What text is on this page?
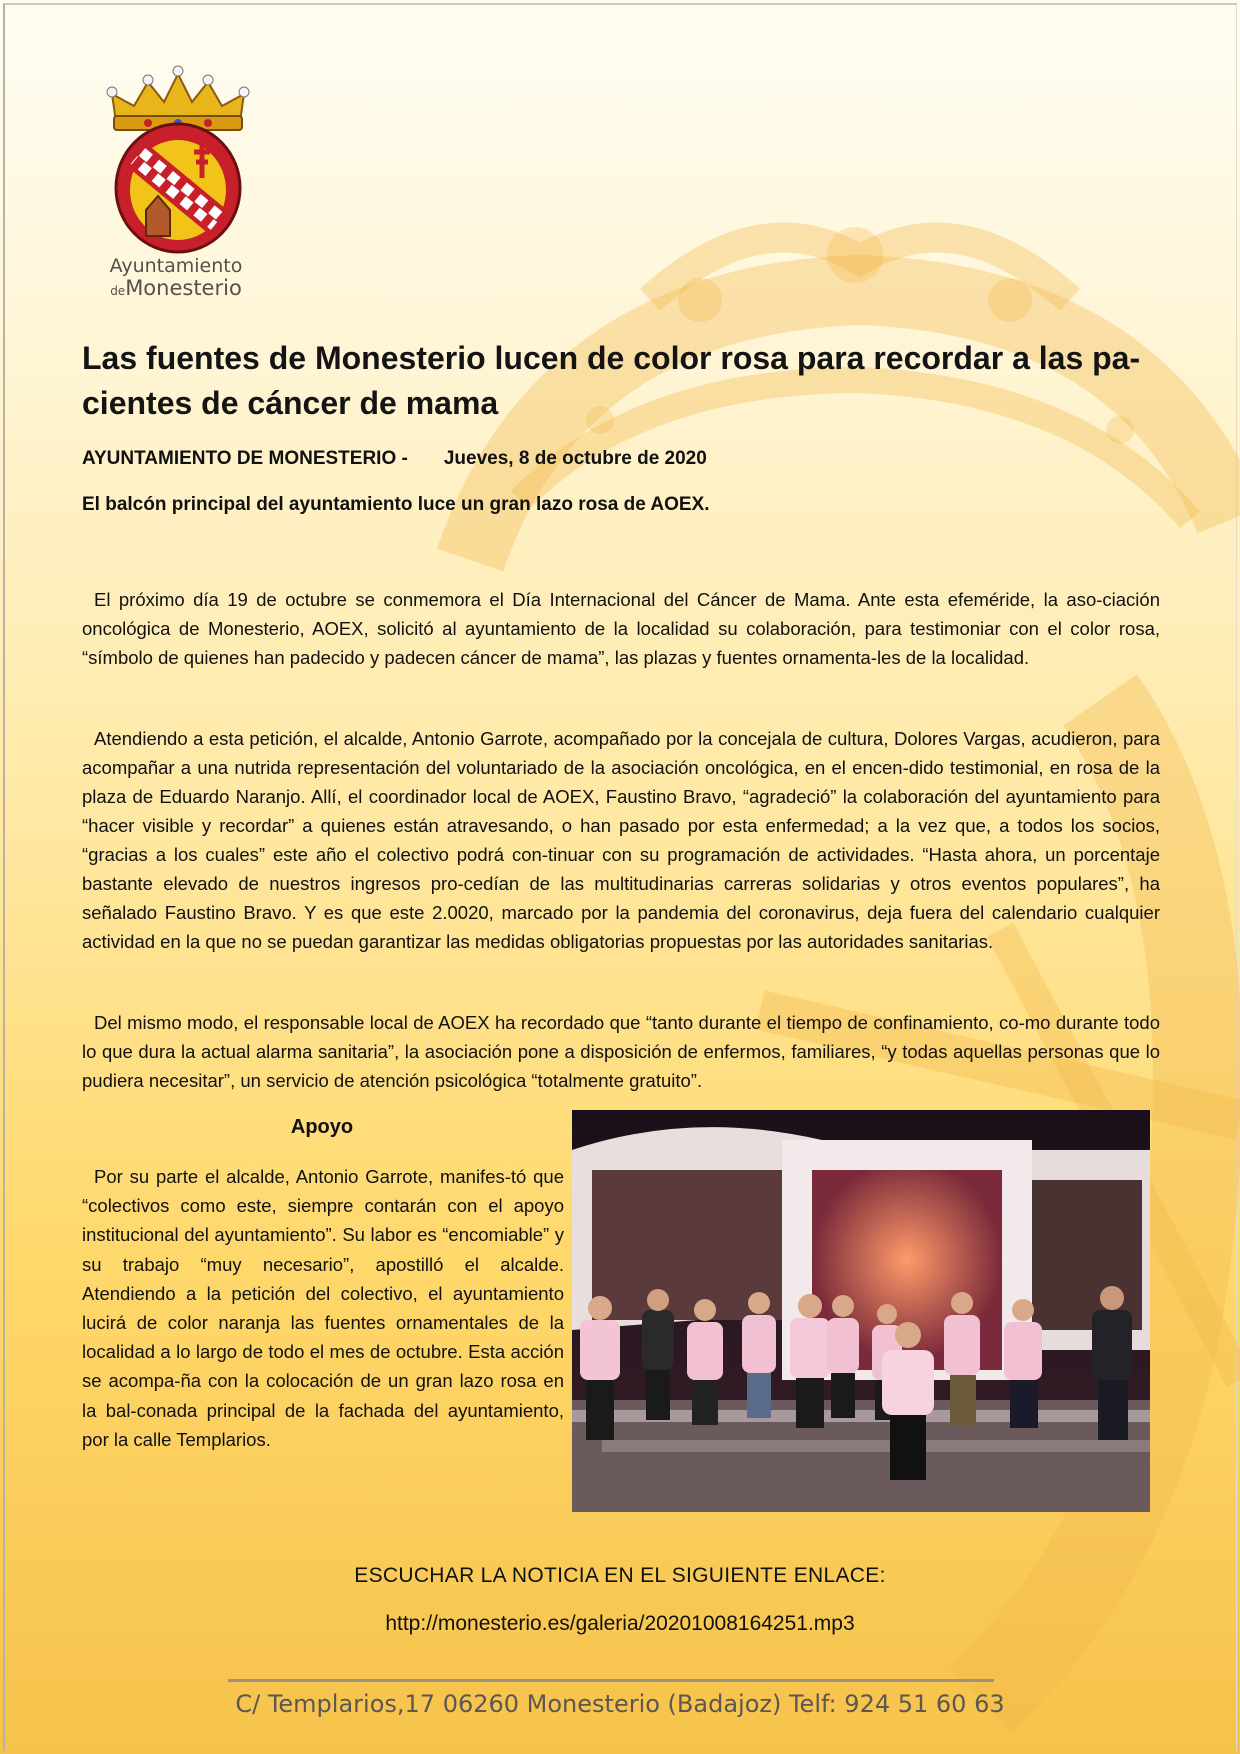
Ayuntamiento
deMonesterio
Las fuentes de Monesterio lucen de color rosa para recordar a las pa-cientes de cáncer de mama
AYUNTAMIENTO DE MONESTERIO - Jueves, 8 de octubre de 2020
El balcón principal del ayuntamiento luce un gran lazo rosa de AOEX.

El próximo día 19 de octubre se conmemora el Día Internacional del Cáncer de Mama. Ante esta efeméride, la aso-ciación oncológica de Monesterio, AOEX, solicitó al ayuntamiento de la localidad su colaboración, para testimoniar con el color rosa, “símbolo de quienes han padecido y padecen cáncer de mama”, las plazas y fuentes ornamenta-les de la localidad.

Atendiendo a esta petición, el alcalde, Antonio Garrote, acompañado por la concejala de cultura, Dolores Vargas, acudieron, para acompañar a una nutrida representación del voluntariado de la asociación oncológica, en el encen-dido testimonial, en rosa de la plaza de Eduardo Naranjo. Allí, el coordinador local de AOEX, Faustino Bravo, “agradeció” la colaboración del ayuntamiento para “hacer visible y recordar” a quienes están atravesando, o han pasado por esta enfermedad; a la vez que, a todos los socios, “gracias a los cuales” este año el colectivo podrá con-tinuar con su programación de actividades. “Hasta ahora, un porcentaje bastante elevado de nuestros ingresos pro-cedían de las multitudinarias carreras solidarias y otros eventos populares”, ha señalado Faustino Bravo. Y es que este 2.0020, marcado por la pandemia del coronavirus, deja fuera del calendario cualquier actividad en la que no se puedan garantizar las medidas obligatorias propuestas por las autoridades sanitarias.

Del mismo modo, el responsable local de AOEX ha recordado que “tanto durante el tiempo de confinamiento, co-mo durante todo lo que dura la actual alarma sanitaria”, la asociación pone a disposición de enfermos, familiares, “y todas aquellas personas que lo pudiera necesitar”, un servicio de atención psicológica “totalmente gratuito”.

Apoyo

Por su parte el alcalde, Antonio Garrote, manifes-tó que “colectivos como este, siempre contarán con el apoyo institucional del ayuntamiento”. Su labor es “encomiable” y su trabajo “muy necesario”, apostilló el alcalde. Atendiendo a la petición del colectivo, el ayuntamiento lucirá de color naranja las fuentes ornamentales de la localidad a lo largo de todo el mes de octubre. Esta acción se acompa-ña con la colocación de un gran lazo rosa en la bal-conada principal de la fachada del ayuntamiento, por la calle Templarios.

ESCUCHAR LA NOTICIA EN EL SIGUIENTE ENLACE:
http://monesterio.es/galeria/20201008164251.mp3
C/ Templarios,17 06260 Monesterio (Badajoz) Telf: 924 51 60 63
